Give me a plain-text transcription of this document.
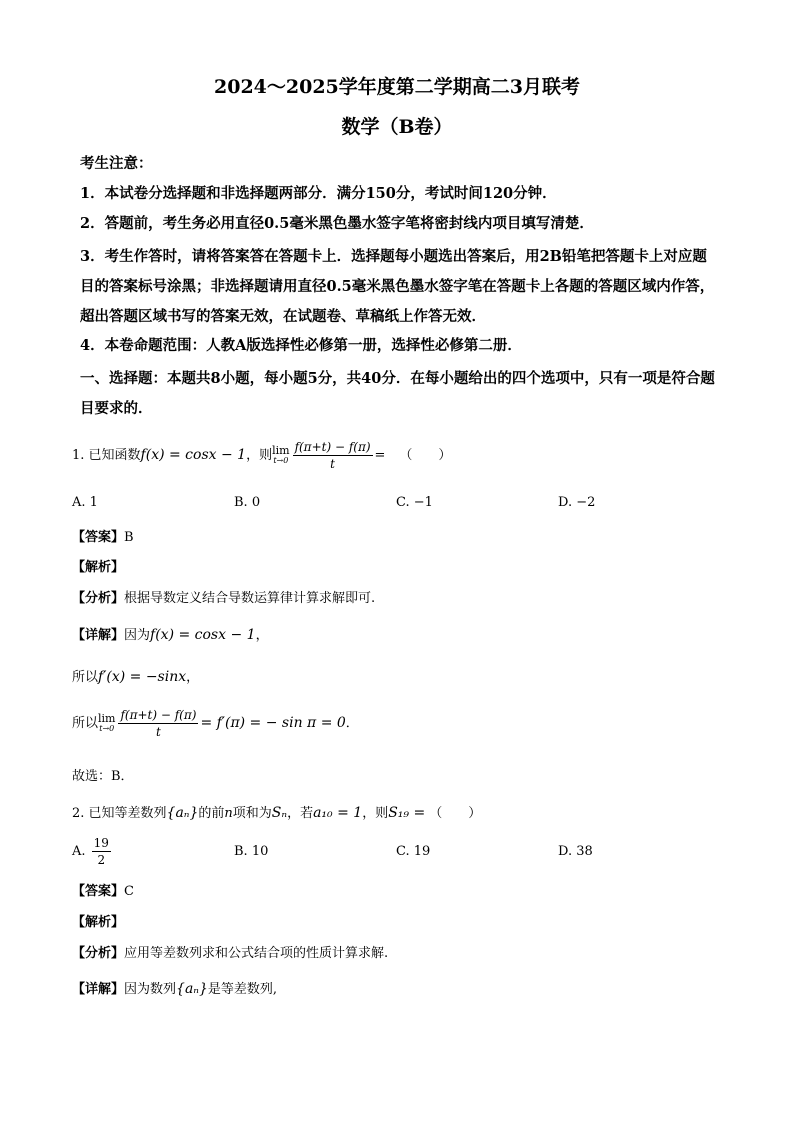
2024～2025学年度第二学期高二3月联考
数学（B卷）
考生注意：
1．本试卷分选择题和非选择题两部分．满分150分，考试时间120分钟．
2．答题前，考生务必用直径0.5毫米黑色墨水签字笔将密封线内项目填写清楚．
3．考生作答时，请将答案答在答题卡上．选择题每小题选出答案后，用2B铅笔把答题卡上对应题目的答案标号涂黑；非选择题请用直径0.5毫米黑色墨水签字笔在答题卡上各题的答题区域内作答，超出答题区域书写的答案无效，在试题卷、草稿纸上作答无效．
4．本卷命题范围：人教A版选择性必修第一册，选择性必修第二册．
一、选择题：本题共8小题，每小题5分，共40分．在每小题给出的四个选项中，只有一项是符合题目要求的．
1. 已知函数f(x) = cosx − 1，则lim
$t\to 0 \frac{f(\pi+t) - f(\pi)}{t}$ = （　　）
A. 1	B. 0	C. −1	D. −2
【答案】B
【解析】
【分析】根据导数定义结合导数运算律计算求解即可.
【详解】因为f(x) = cosx − 1，
所以f′(x) = −sinx，
所以lim
$t\to 0 \frac{f(\pi+t) - f(\pi)}{t} = f'(\pi)$ = − sin π = 0．
故选：B．
2. 已知等差数列{aₙ}的前n项和为Sₙ，若a₁₀ = 1，则S₁₉ = （　　）
A. $\frac{19}{2}$	B. 10	C. 19	D. 38
【答案】C
【解析】
【分析】应用等差数列求和公式结合项的性质计算求解.
【详解】因为数列{aₙ}是等差数列,
